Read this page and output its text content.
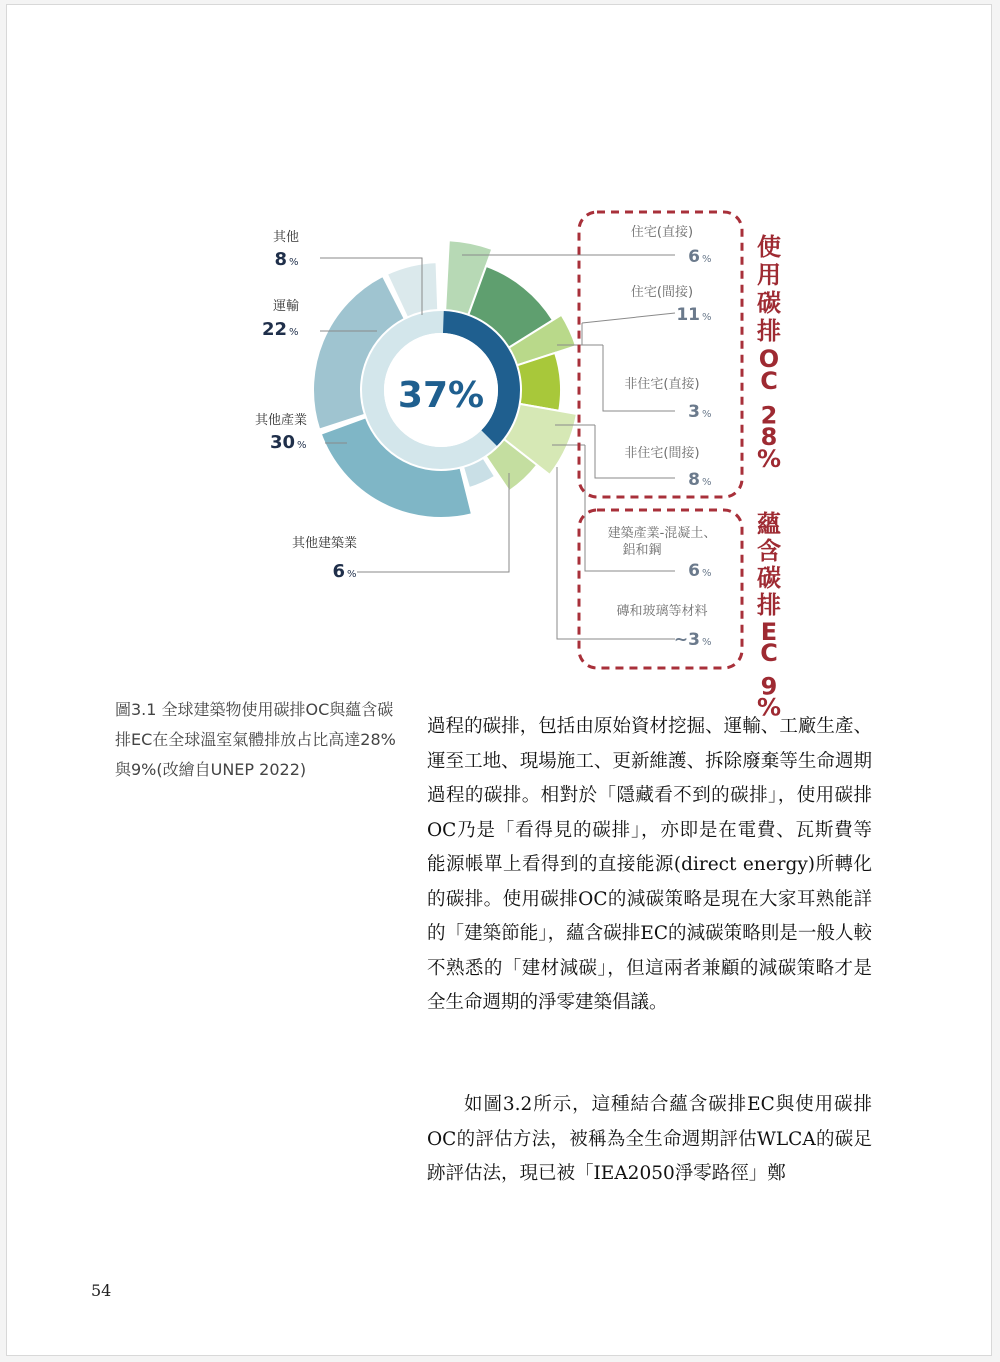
其他
8 %
運輸
22 %
其他產業
30 %
其他建築業
6 %
住宅(直接)
6 %
住宅(間接)
11 %
非住宅(直接)
3 %
非住宅(間接)
8 %
建築產業-混凝土、
鋁和鋼
6 %
磚和玻璃等材料
~3 %
37%
使用碳排 O C 2 8 %
蘊含碳排 E C 9 %

圖3.1 全球建築物使用碳排OC與蘊含碳排EC在全球溫室氣體排放占比高達28%與9%(改繪自UNEP 2022)

過程的碳排，包括由原始資材挖掘、運輸、工廠生產、運至工地、現場施工、更新維護、拆除廢棄等生命週期過程的碳排。相對於「隱藏看不到的碳排」，使用碳排OC乃是「看得見的碳排」，亦即是在電費、瓦斯費等能源帳單上看得到的直接能源(direct energy)所轉化的碳排。使用碳排OC的減碳策略是現在大家耳熟能詳的「建築節能」，蘊含碳排EC的減碳策略則是一般人較不熟悉的「建材減碳」，但這兩者兼顧的減碳策略才是全生命週期的淨零建築倡議。

如圖3.2所示，這種結合蘊含碳排EC與使用碳排OC的評估方法，被稱為全生命週期評估WLCA的碳足跡評估法，現已被「IEA2050淨零路徑」鄭

54
